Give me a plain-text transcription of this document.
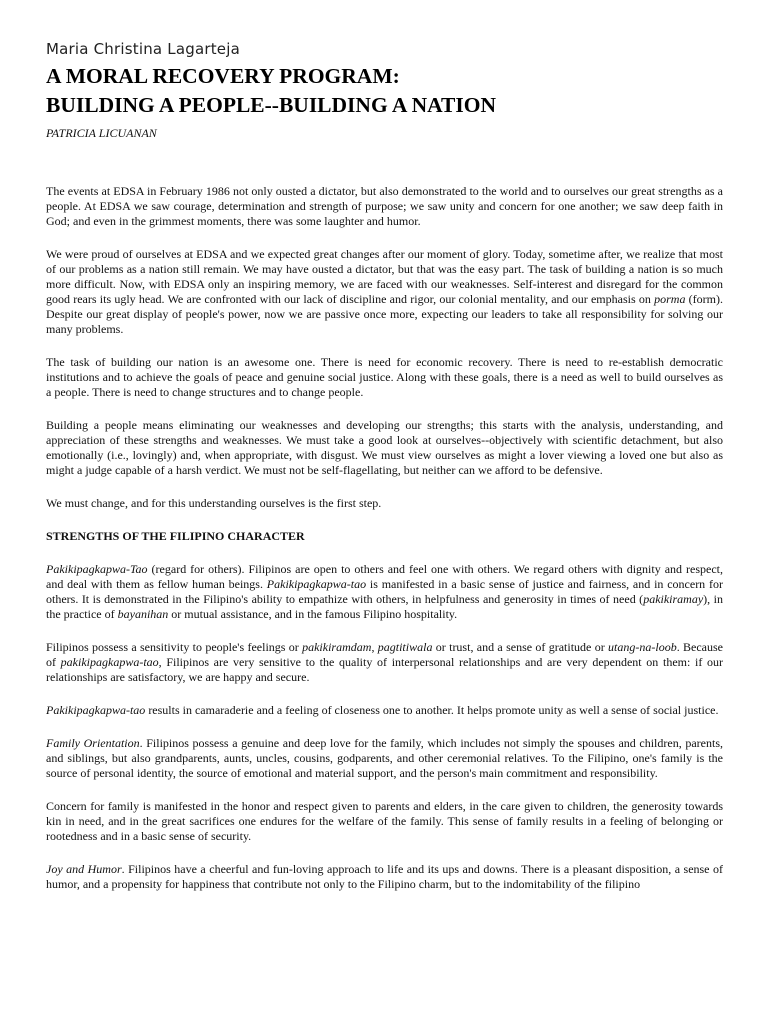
Maria Christina Lagarteja
A MORAL RECOVERY PROGRAM:
BUILDING A PEOPLE--BUILDING A NATION
PATRICIA LICUANAN

The events at EDSA in February 1986 not only ousted a dictator, but also demonstrated to the world and to ourselves our great strengths as a people. At EDSA we saw courage, determination and strength of purpose; we saw unity and concern for one another; we saw deep faith in God; and even in the grimmest moments, there was some laughter and humor.

We were proud of ourselves at EDSA and we expected great changes after our moment of glory. Today, sometime after, we realize that most of our problems as a nation still remain. We may have ousted a dictator, but that was the easy part. The task of building a nation is so much more difficult. Now, with EDSA only an inspiring memory, we are faced with our weaknesses. Self-interest and disregard for the common good rears its ugly head. We are confronted with our lack of discipline and rigor, our colonial mentality, and our emphasis on porma (form). Despite our great display of people's power, now we are passive once more, expecting our leaders to take all responsibility for solving our many problems.

The task of building our nation is an awesome one. There is need for economic recovery. There is need to re-establish democratic institutions and to achieve the goals of peace and genuine social justice. Along with these goals, there is a need as well to build ourselves as a people. There is need to change structures and to change people.

Building a people means eliminating our weaknesses and developing our strengths; this starts with the analysis, understanding, and appreciation of these strengths and weaknesses. We must take a good look at ourselves--objectively with scientific detachment, but also emotionally (i.e., lovingly) and, when appropriate, with disgust. We must view ourselves as might a lover viewing a loved one but also as might a judge capable of a harsh verdict. We must not be self-flagellating, but neither can we afford to be defensive.

We must change, and for this understanding ourselves is the first step.

STRENGTHS OF THE FILIPINO CHARACTER

Pakikipagkapwa-Tao (regard for others). Filipinos are open to others and feel one with others. We regard others with dignity and respect, and deal with them as fellow human beings. Pakikipagkapwa-tao is manifested in a basic sense of justice and fairness, and in concern for others. It is demonstrated in the Filipino's ability to empathize with others, in helpfulness and generosity in times of need (pakikiramay), in the practice of bayanihan or mutual assistance, and in the famous Filipino hospitality.

Filipinos possess a sensitivity to people's feelings or pakikiramdam, pagtitiwala or trust, and a sense of gratitude or utang-na-loob. Because of pakikipagkapwa-tao, Filipinos are very sensitive to the quality of interpersonal relationships and are very dependent on them: if our relationships are satisfactory, we are happy and secure.

Pakikipagkapwa-tao results in camaraderie and a feeling of closeness one to another. It helps promote unity as well a sense of social justice.

Family Orientation. Filipinos possess a genuine and deep love for the family, which includes not simply the spouses and children, parents, and siblings, but also grandparents, aunts, uncles, cousins, godparents, and other ceremonial relatives. To the Filipino, one's family is the source of personal identity, the source of emotional and material support, and the person's main commitment and responsibility.

Concern for family is manifested in the honor and respect given to parents and elders, in the care given to children, the generosity towards kin in need, and in the great sacrifices one endures for the welfare of the family. This sense of family results in a feeling of belonging or rootedness and in a basic sense of security.

Joy and Humor. Filipinos have a cheerful and fun-loving approach to life and its ups and downs. There is a pleasant disposition, a sense of humor, and a propensity for happiness that contribute not only to the Filipino charm, but to the indomitability of the filipino
